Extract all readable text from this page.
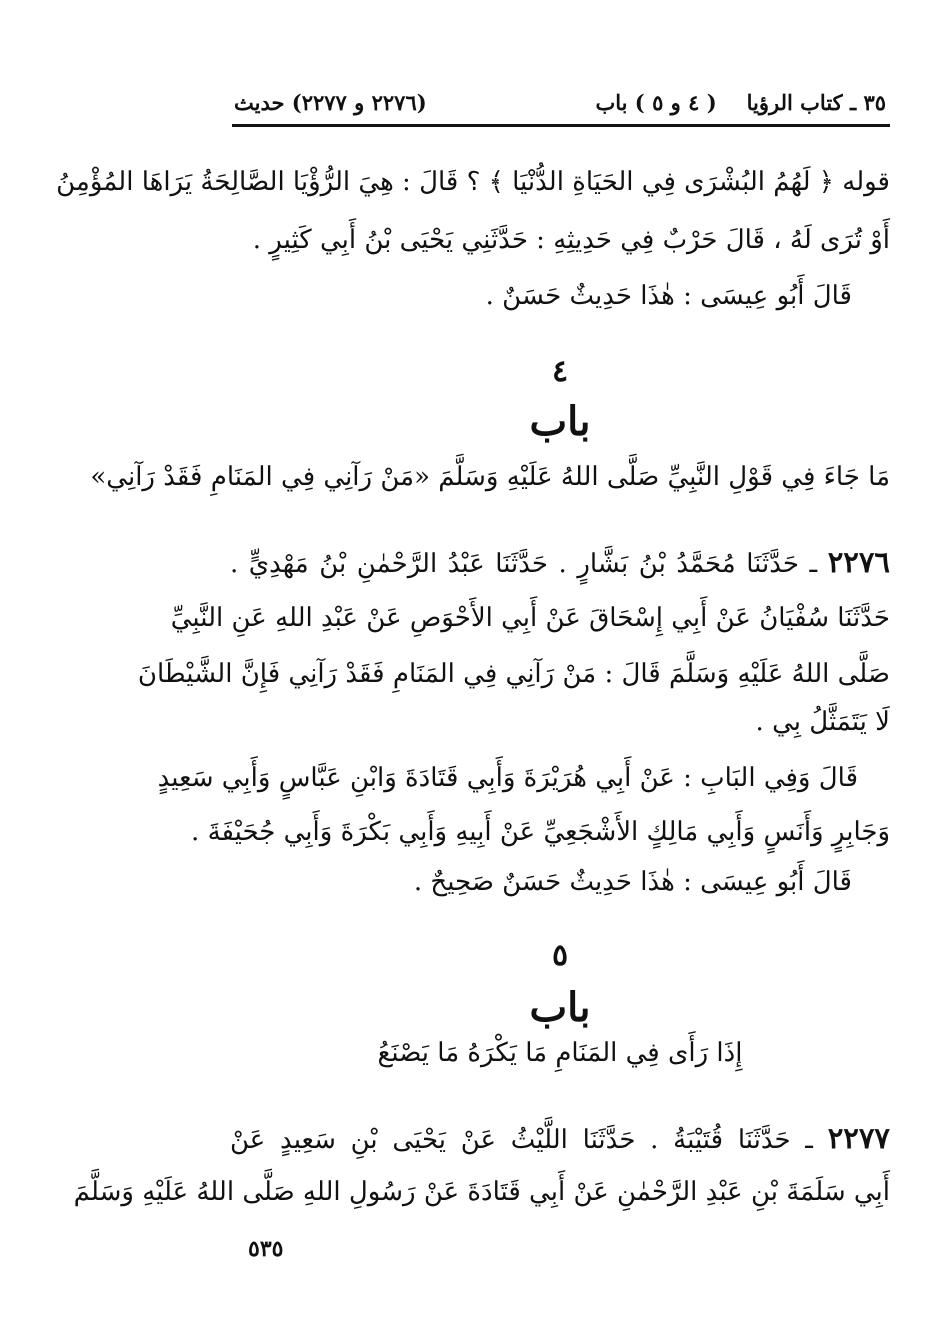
٣٥ ـ كتاب الرؤيا
( ٤ و ٥ ) باب
(٢٢٧٦ و ٢٢٧٧) حديث
قوله ﴿ لَهُمُ البُشْرَى فِي الحَيَاةِ الدُّنْيَا ﴾ ؟ قَالَ : هِيَ الرُّؤْيَا الصَّالِحَةُ يَرَاهَا المُؤْمِنُ
أَوْ تُرَى لَهُ ، قَالَ حَرْبٌ فِي حَدِيثِهِ : حَدَّثَنِي يَحْيَى بْنُ أَبِي كَثِيرٍ .
قَالَ أَبُو عِيسَى : هٰذَا حَدِيثٌ حَسَنٌ .
٤
باب
مَا جَاءَ فِي قَوْلِ النَّبِيِّ صَلَّى اللهُ عَلَيْهِ وَسَلَّمَ «مَنْ رَآنِي فِي المَنَامِ فَقَدْ رَآنِي»
٢٢٧٦ ـ حَدَّثَنَا مُحَمَّدُ بْنُ بَشَّارٍ . حَدَّثَنَا عَبْدُ الرَّحْمٰنِ بْنُ مَهْدِيٍّ .
حَدَّثَنَا سُفْيَانُ عَنْ أَبِي إِسْحَاقَ عَنْ أَبِي الأَحْوَصِ عَنْ عَبْدِ اللهِ عَنِ النَّبِيِّ
صَلَّى اللهُ عَلَيْهِ وَسَلَّمَ قَالَ : مَنْ رَآنِي فِي المَنَامِ فَقَدْ رَآنِي فَإِنَّ الشَّيْطَانَ
لَا يَتَمَثَّلُ بِي .
قَالَ وَفِي البَابِ : عَنْ أَبِي هُرَيْرَةَ وَأَبِي قَتَادَةَ وَابْنِ عَبَّاسٍ وَأَبِي سَعِيدٍ
وَجَابِرٍ وَأَنَسٍ وَأَبِي مَالِكٍ الأَشْجَعِيِّ عَنْ أَبِيهِ وَأَبِي بَكْرَةَ وَأَبِي جُحَيْفَةَ .
قَالَ أَبُو عِيسَى : هٰذَا حَدِيثٌ حَسَنٌ صَحِيحٌ .
٥
باب
إِذَا رَأَى فِي المَنَامِ مَا يَكْرَهُ مَا يَصْنَعُ
٢٢٧٧ ـ حَدَّثَنَا قُتَيْبَةُ . حَدَّثَنَا اللَّيْثُ عَنْ يَحْيَى بْنِ سَعِيدٍ عَنْ
أَبِي سَلَمَةَ بْنِ عَبْدِ الرَّحْمٰنِ عَنْ أَبِي قَتَادَةَ عَنْ رَسُولِ اللهِ صَلَّى اللهُ عَلَيْهِ وَسَلَّمَ
٥٣٥
